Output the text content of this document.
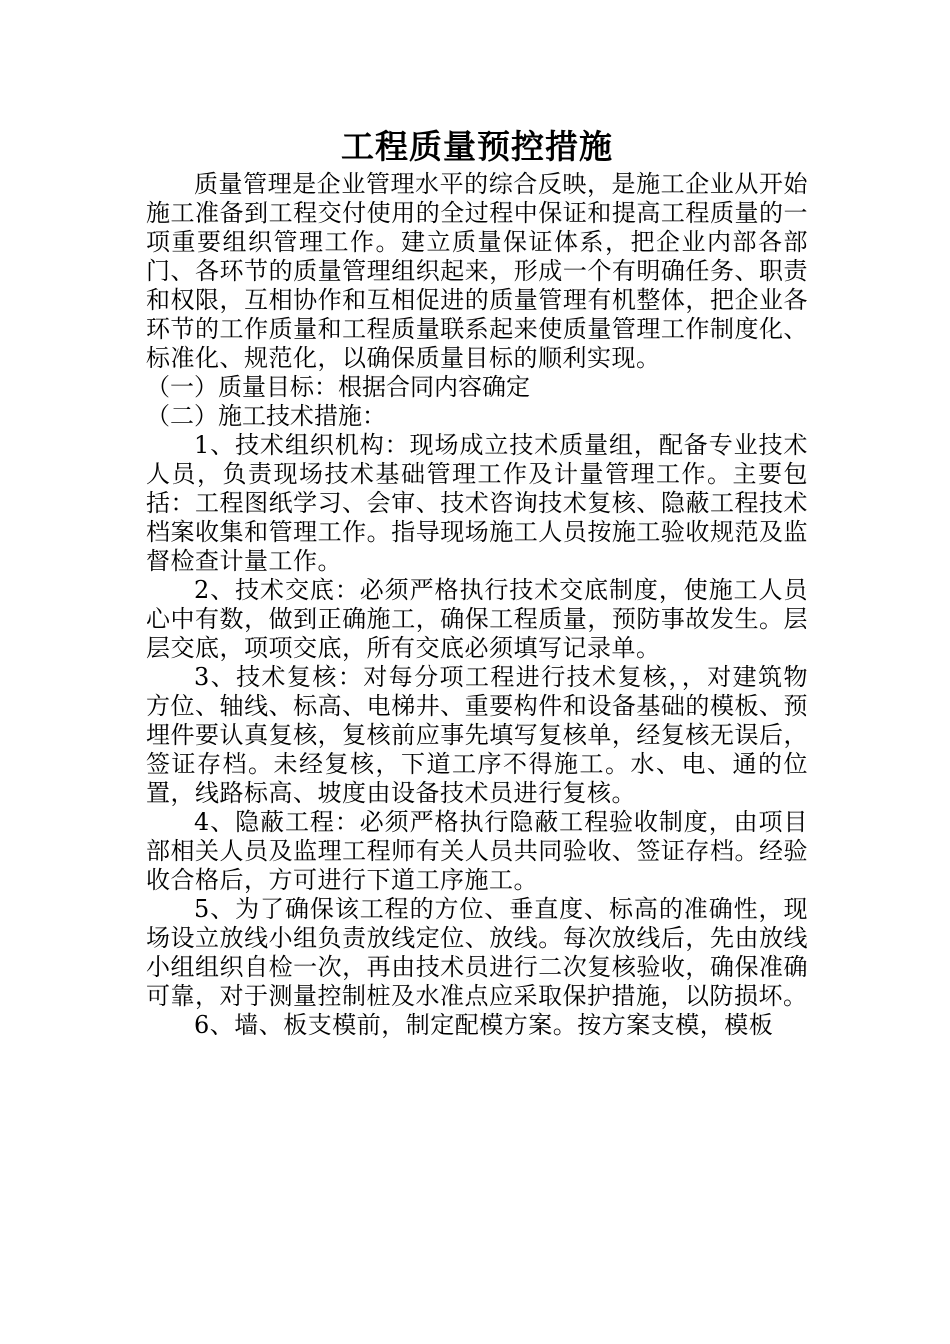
工程质量预控措施

质量管理是企业管理水平的综合反映，是施工企业从开始施工准备到工程交付使用的全过程中保证和提高工程质量的一项重要组织管理工作。建立质量保证体系，把企业内部各部门、各环节的质量管理组织起来，形成一个有明确任务、职责和权限，互相协作和互相促进的质量管理有机整体，把企业各环节的工作质量和工程质量联系起来使质量管理工作制度化、标准化、规范化，以确保质量目标的顺利实现。

（一）质量目标：根据合同内容确定

（二）施工技术措施：

1、技术组织机构：现场成立技术质量组，配备专业技术人员，负责现场技术基础管理工作及计量管理工作。主要包括：工程图纸学习、会审、技术咨询技术复核、隐蔽工程技术档案收集和管理工作。指导现场施工人员按施工验收规范及监督检查计量工作。

2、技术交底：必须严格执行技术交底制度，使施工人员心中有数，做到正确施工，确保工程质量，预防事故发生。层层交底，项项交底，所有交底必须填写记录单。

3、技术复核：对每分项工程进行技术复核，，对建筑物方位、轴线、标高、电梯井、重要构件和设备基础的模板、预埋件要认真复核，复核前应事先填写复核单，经复核无误后，签证存档。未经复核，下道工序不得施工。水、电、通的位置，线路标高、坡度由设备技术员进行复核。

4、隐蔽工程：必须严格执行隐蔽工程验收制度，由项目部相关人员及监理工程师有关人员共同验收、签证存档。经验收合格后，方可进行下道工序施工。

5、为了确保该工程的方位、垂直度、标高的准确性，现场设立放线小组负责放线定位、放线。每次放线后，先由放线小组组织自检一次，再由技术员进行二次复核验收，确保准确可靠，对于测量控制桩及水准点应采取保护措施，以防损坏。

6、墙、板支模前，制定配模方案。按方案支模，模板
